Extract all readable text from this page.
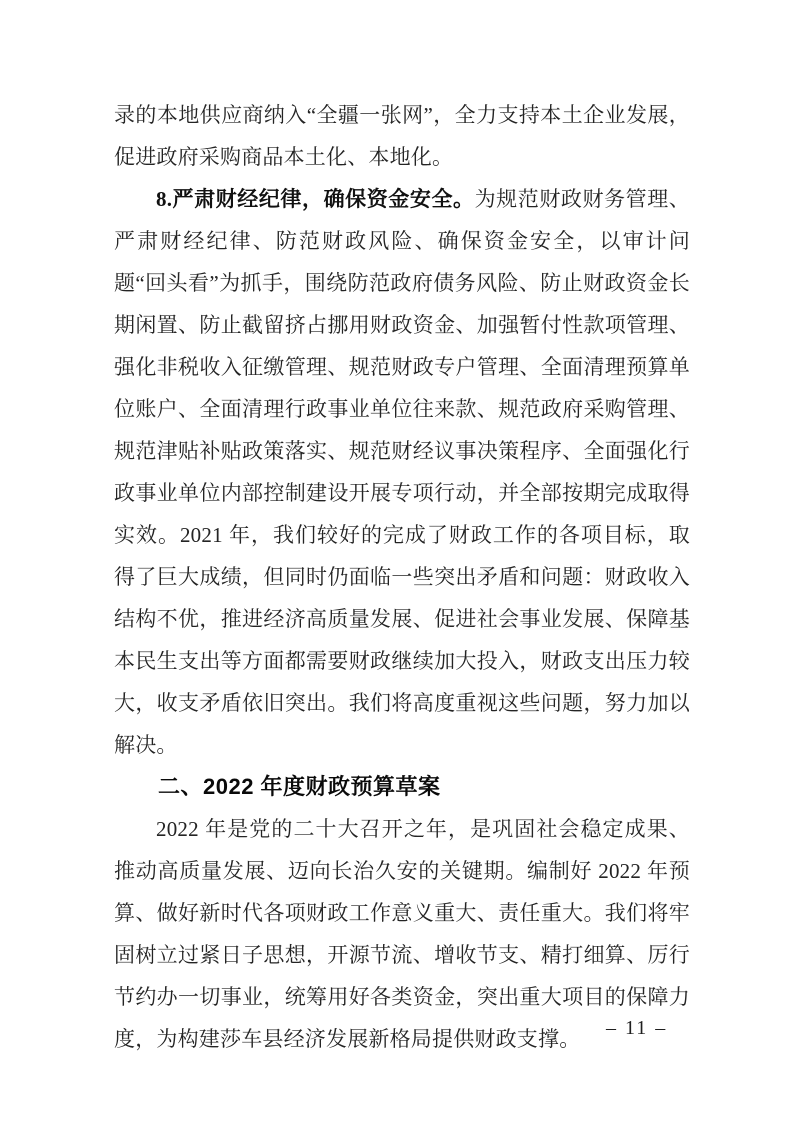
录的本地供应商纳入“全疆一张网”，全力支持本土企业发展，促进政府采购商品本土化、本地化。

8.严肃财经纪律，确保资金安全。为规范财政财务管理、严肃财经纪律、防范财政风险、确保资金安全，以审计问题“回头看”为抓手，围绕防范政府债务风险、防止财政资金长期闲置、防止截留挤占挪用财政资金、加强暂付性款项管理、强化非税收入征缴管理、规范财政专户管理、全面清理预算单位账户、全面清理行政事业单位往来款、规范政府采购管理、规范津贴补贴政策落实、规范财经议事决策程序、全面强化行政事业单位内部控制建设开展专项行动，并全部按期完成取得实效。2021 年，我们较好的完成了财政工作的各项目标，取得了巨大成绩，但同时仍面临一些突出矛盾和问题：财政收入结构不优，推进经济高质量发展、促进社会事业发展、保障基本民生支出等方面都需要财政继续加大投入，财政支出压力较大，收支矛盾依旧突出。我们将高度重视这些问题，努力加以解决。

二、2022 年度财政预算草案

2022 年是党的二十大召开之年，是巩固社会稳定成果、推动高质量发展、迈向长治久安的关键期。编制好 2022 年预算、做好新时代各项财政工作意义重大、责任重大。我们将牢固树立过紧日子思想，开源节流、增收节支、精打细算、厉行节约办一切事业，统筹用好各类资金，突出重大项目的保障力度，为构建莎车县经济发展新格局提供财政支撑。	– 11 –
